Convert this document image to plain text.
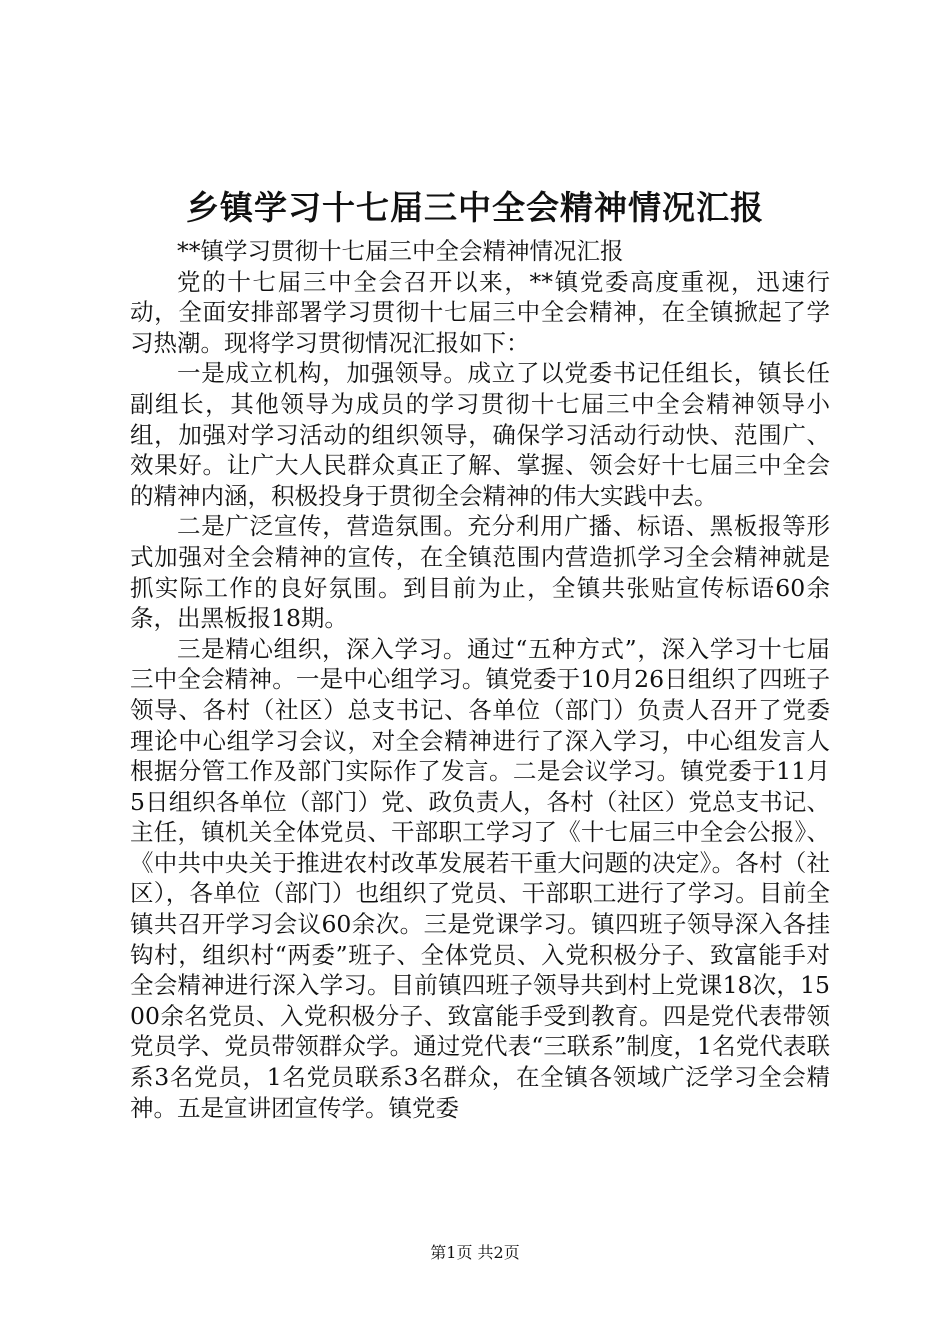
乡镇学习十七届三中全会精神情况汇报

**镇学习贯彻十七届三中全会精神情况汇报

党的十七届三中全会召开以来，**镇党委高度重视，迅速行动，全面安排部署学习贯彻十七届三中全会精神，在全镇掀起了学习热潮。现将学习贯彻情况汇报如下：

一是成立机构，加强领导。成立了以党委书记任组长，镇长任副组长，其他领导为成员的学习贯彻十七届三中全会精神领导小组，加强对学习活动的组织领导，确保学习活动行动快、范围广、效果好。让广大人民群众真正了解、掌握、领会好十七届三中全会的精神内涵，积极投身于贯彻全会精神的伟大实践中去。

二是广泛宣传，营造氛围。充分利用广播、标语、黑板报等形式加强对全会精神的宣传，在全镇范围内营造抓学习全会精神就是抓实际工作的良好氛围。到目前为止，全镇共张贴宣传标语60余条，出黑板报18期。

三是精心组织，深入学习。通过“五种方式”，深入学习十七届三中全会精神。一是中心组学习。镇党委于10月26日组织了四班子领导、各村（社区）总支书记、各单位（部门）负责人召开了党委理论中心组学习会议，对全会精神进行了深入学习，中心组发言人根据分管工作及部门实际作了发言。二是会议学习。镇党委于11月5日组织各单位（部门）党、政负责人，各村（社区）党总支书记、主任，镇机关全体党员、干部职工学习了《十七届三中全会公报》、《中共中央关于推进农村改革发展若干重大问题的决定》。各村（社区），各单位（部门）也组织了党员、干部职工进行了学习。目前全镇共召开学习会议60余次。三是党课学习。镇四班子领导深入各挂钩村，组织村“两委”班子、全体党员、入党积极分子、致富能手对全会精神进行深入学习。目前镇四班子领导共到村上党课18次，1500余名党员、入党积极分子、致富能手受到教育。四是党代表带领党员学、党员带领群众学。通过党代表“三联系”制度，1名党代表联系3名党员，1名党员联系3名群众，在全镇各领域广泛学习全会精神。五是宣讲团宣传学。镇党委

第1页 共2页
